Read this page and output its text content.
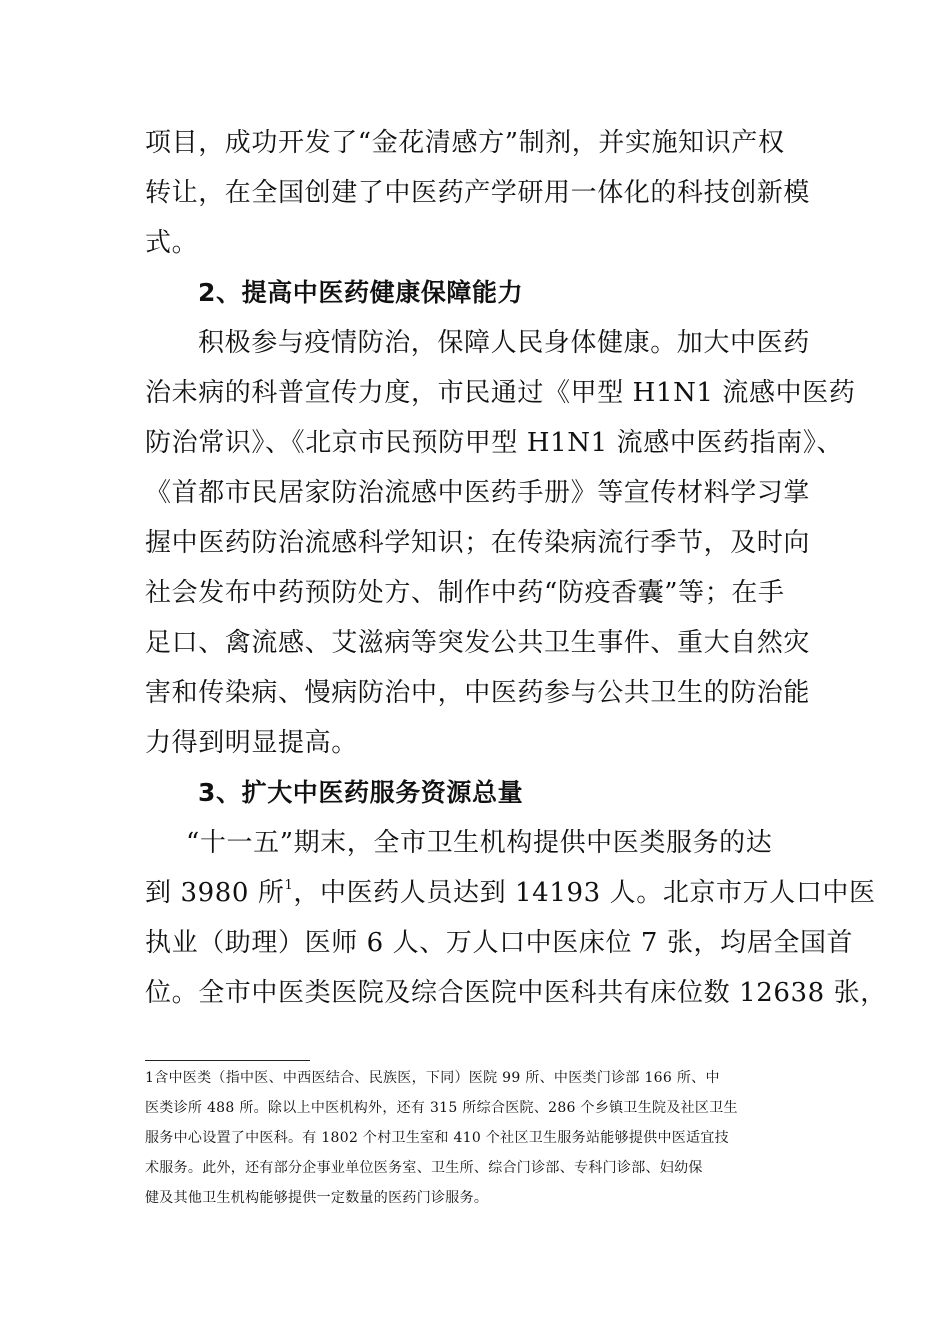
项目，成功开发了“金花清感方”制剂，并实施知识产权
转让，在全国创建了中医药产学研用一体化的科技创新模
式。
2、提高中医药健康保障能力
积极参与疫情防治，保障人民身体健康。加大中医药
治未病的科普宣传力度，市民通过《甲型 H1N1 流感中医药
防治常识》、《北京市民预防甲型 H1N1 流感中医药指南》、
《首都市民居家防治流感中医药手册》等宣传材料学习掌
握中医药防治流感科学知识；在传染病流行季节，及时向
社会发布中药预防处方、制作中药“防疫香囊”等；在手
足口、禽流感、艾滋病等突发公共卫生事件、重大自然灾
害和传染病、慢病防治中，中医药参与公共卫生的防治能
力得到明显提高。
3、扩大中医药服务资源总量
“十一五”期末，全市卫生机构提供中医类服务的达
到 3980 所$^1$，中医药人员达到 14193 人。北京市万人口中医
执业（助理）医师 6 人、万人口中医床位 7 张，均居全国首
位。全市中医类医院及综合医院中医科共有床位数 12638 张，
1含中医类（指中医、中西医结合、民族医，下同）医院 99 所、中医类门诊部 166 所、中
医类诊所 488 所。除以上中医机构外，还有 315 所综合医院、286 个乡镇卫生院及社区卫生
服务中心设置了中医科。有 1802 个村卫生室和 410 个社区卫生服务站能够提供中医适宜技
术服务。此外，还有部分企事业单位医务室、卫生所、综合门诊部、专科门诊部、妇幼保
健及其他卫生机构能够提供一定数量的医药门诊服务。
